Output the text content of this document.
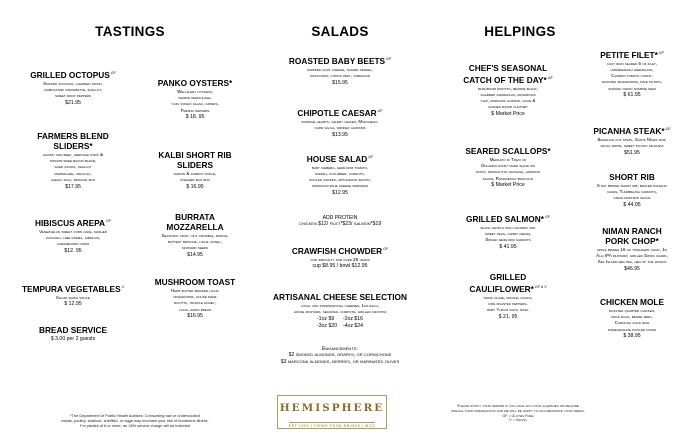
TASTINGS	SALADS	HELPINGS
GRILLED $OCTOPUS^{GF}$
Smoked avocado, charred onion,
chimichurri vinaigrette, shallot,
sweet drop peppers
$21.95
PANKO OYSTERS*
Wellfleet oysters,
kewpie remoulade,
yuzu kosho salad, capers,
Fresno peppers
$ 18. 95
FARMERS BLEND
SLIDERS*
grass- fed beef, heritage pork &
nitrate-free bacon blend,
aged gouda, shallot
marmalade, arugula,
garlic aioli, brioche bun
$17.95
KALBI SHORT RIB
SLIDERS
daikon & carrot pickle,
steamed bao bun
$ 16.95
HIBISCUS $AREPA^{GF}$
Venezuelan sweet corn cake, mashed
avocado, lime crema, hibiscus,
caramelized onion
$12. 95
BURRATA
MOZZARELLA
Seasonal fruit, nut crumble, endive,
buttery brioche, local honey,
mustard seeds
$14.95
TEMPURA $VEGETABLES^V$
Kecap manis sauce
$ 12.95
MUSHROOM TOAST
Herb butter braised local
mushrooms, house made
ricotta, truffle honey,
local grain bread
$16.95
BREAD SERVICE
$ 3.00 per 2 guests
ROASTED BABY $BEETS^{GF}$
whipped goat cheese, shaved fennel,
pistachios, citrus zest, tarragon
$15.95
CHIPOTLE $CAESAR^{GF}$
romaine hearts, celery leaves, Manchego,
corn salsa, smoked almonds
$13.95
HOUSE $SALAD^{GF}$
baby iceberg, heirloom tomato,
radish, cucumber, carrots,
pickled grapes, applewood bacon,
tarragon blue cheese dressing
$12.95
ADD PROTEIN
chicken $12/ filet*$23/ salmon*$19
CRAWFISH $CHOWDER^{GF}$
our specialty for over 25 years
cup $8.95 / bowl $12.95
ARTISANAL CHEESE SELECTION
local and international cheeses, 1oz each,
house mustard, seasonal compote, grilled crostini
-1oz $9      -2oz $16
-3oz $20    -4oz $24
Enhancements:
$2 smoked almonds, grapes, or cornichons
$3 marcona almonds, berries, or marinated olives
CHEF'S SEASONAL
CATCH OF THE DAY*$^{GF}$
mushroom risotto, beurre blanc,
charred asparagus, mushroom
chip, marcona almond, olive &
golden raisin chutney
$ Market Price
PETITE FILET*$^{GF}$
cast iron seared 6 oz filet,
horseradish gremolata,
Campari tomato confit,
roasted mushrooms, pave potato,
smoked onion soubise demi
$ 61.95
SEARED SCALLOPS*
Mercato di Trevi of
Orlando hand- made squid ink
pasta, prosciutto sausage, saffron
sauce, Romanesco broccoli
$ Market Price
PICANHA STEAK*$^{GF}$
Brazilian cut steak, Santa Maria rub,
salsa verte, sweet potato feijoada
$51.95
GRILLED SALMON*$^{GF}$
black lentils with chorizo and
sweet peas, caper cream,
Spiced heirloom carrots
$ 41.95
SHORT RIB
6 day brined short rib, brulee polenta
cakes, Thumbelina carrots,
grain mustard sauce
$ 44.95
GRILLED
CAULIFLOWER*$^{GF \& V}$
tahini glaze, panang coulis,
fire roasted peppers,
baby Yukon gold, basil
$ 21. 95
NIMAN RANCH
PORK CHOP*
apple brined 16 oz tomahawk chop, Jai
Alai IPA mustard, grilled Swiss chard,
Sea Island red pea, hen of the woods
$46.95
CHICKEN MOLE
roasted quarter chicken,
mole rojo, benne seed,
Carolina gold rice
pomegranate pickled onion
$ 38.95
*The Department of Public Health Advises: Consuming raw or undercooked
meats, poultry, seafood, shellfish, or eggs may increase your risk of foodborne illness.
For parties of 6 or more, an 18% service charge will be included
HEMISPHERE
EST 1990 | VIEWS FOOD DRINKS | MCO
Please notify your server if you have any food allergies or require
special food preparation and we will be happy to accommodate your needs.
GF = Gluten Free
V = Vegan
